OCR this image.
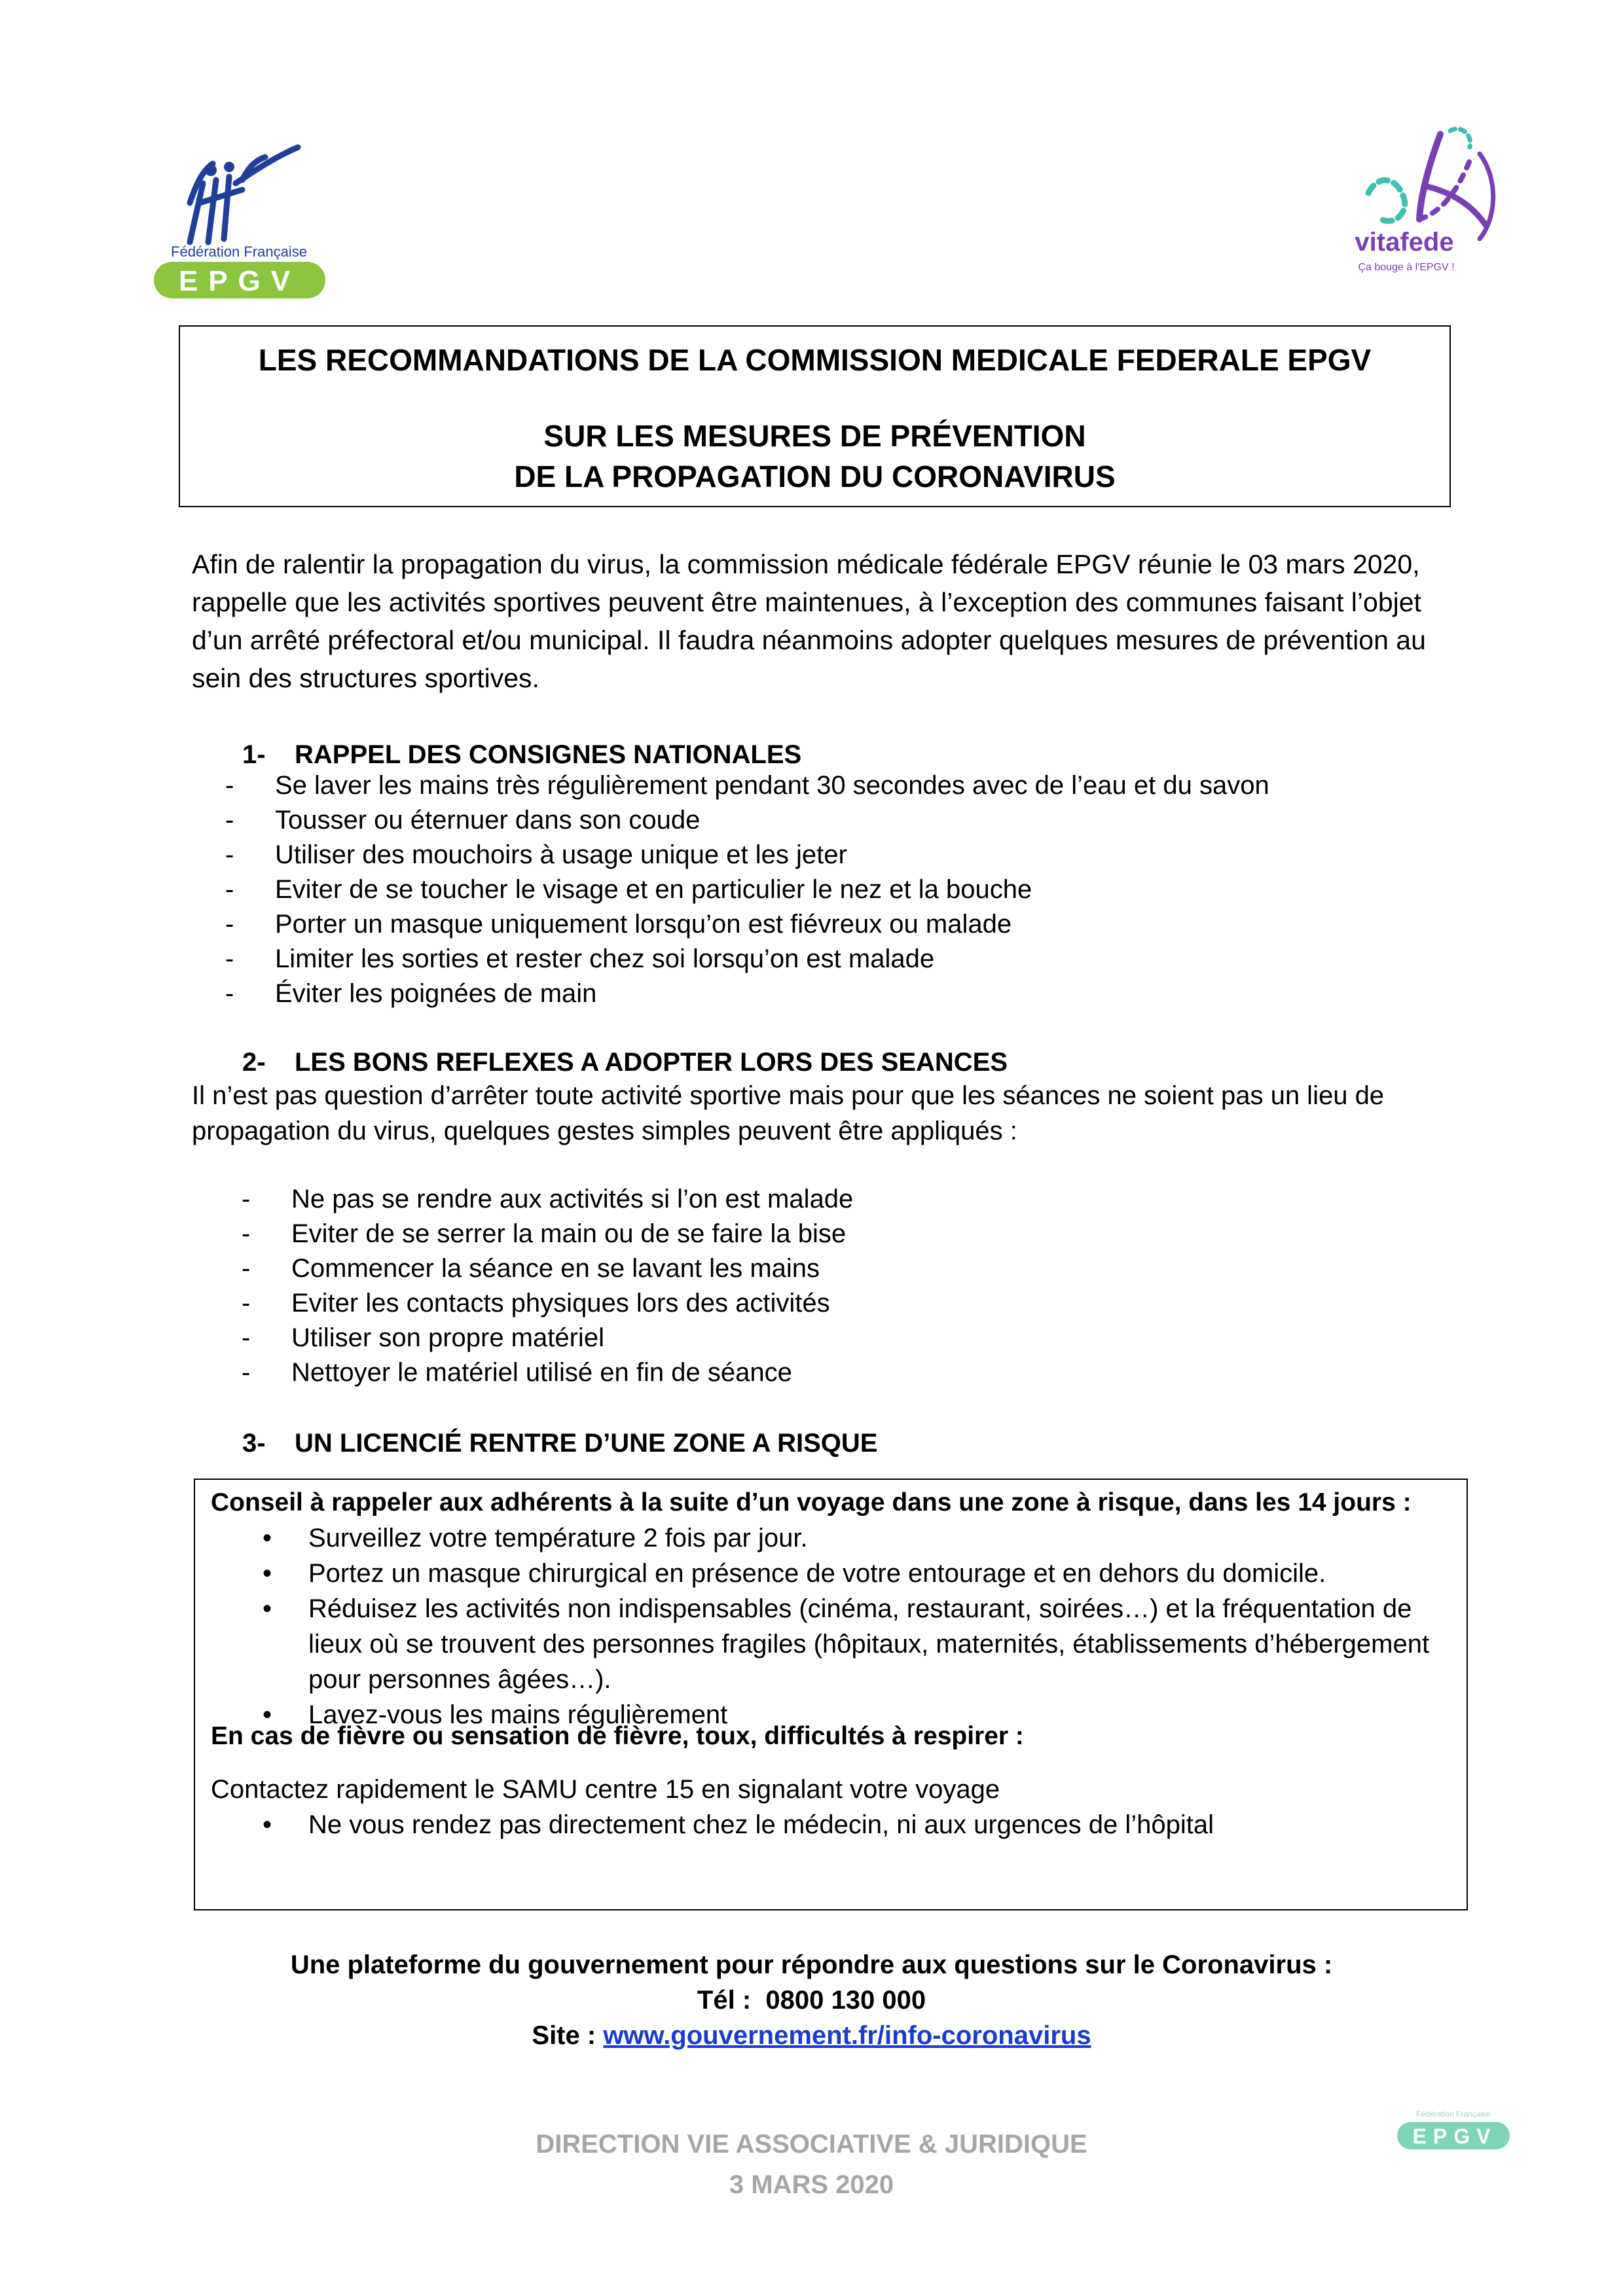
Fédération Française
EPGV
vitafede
Ça bouge à l'EPGV !
LES RECOMMANDATIONS DE LA COMMISSION MEDICALE FEDERALE EPGV
SUR LES MESURES DE PRÉVENTION
DE LA PROPAGATION DU CORONAVIRUS
Afin de ralentir la propagation du virus, la commission médicale fédérale EPGV réunie le 03 mars 2020, rappelle que les activités sportives peuvent être maintenues, à l’exception des communes faisant l’objet d’un arrêté préfectoral et/ou municipal. Il faudra néanmoins adopter quelques mesures de prévention au sein des structures sportives.
1- RAPPEL DES CONSIGNES NATIONALES
- Se laver les mains très régulièrement pendant 30 secondes avec de l’eau et du savon
- Tousser ou éternuer dans son coude
- Utiliser des mouchoirs à usage unique et les jeter
- Eviter de se toucher le visage et en particulier le nez et la bouche
- Porter un masque uniquement lorsqu’on est fiévreux ou malade
- Limiter les sorties et rester chez soi lorsqu’on est malade
- Éviter les poignées de main
2- LES BONS REFLEXES A ADOPTER LORS DES SEANCES
Il n’est pas question d’arrêter toute activité sportive mais pour que les séances ne soient pas un lieu de propagation du virus, quelques gestes simples peuvent être appliqués :
- Ne pas se rendre aux activités si l’on est malade
- Eviter de se serrer la main ou de se faire la bise
- Commencer la séance en se lavant les mains
- Eviter les contacts physiques lors des activités
- Utiliser son propre matériel
- Nettoyer le matériel utilisé en fin de séance
3- UN LICENCIÉ RENTRE D’UNE ZONE A RISQUE
Conseil à rappeler aux adhérents à la suite d’un voyage dans une zone à risque, dans les 14 jours :
• Surveillez votre température 2 fois par jour.
• Portez un masque chirurgical en présence de votre entourage et en dehors du domicile.
• Réduisez les activités non indispensables (cinéma, restaurant, soirées…) et la fréquentation de lieux où se trouvent des personnes fragiles (hôpitaux, maternités, établissements d’hébergement pour personnes âgées…).
• Lavez-vous les mains régulièrement
En cas de fièvre ou sensation de fièvre, toux, difficultés à respirer :
Contactez rapidement le SAMU centre 15 en signalant votre voyage
• Ne vous rendez pas directement chez le médecin, ni aux urgences de l’hôpital
Une plateforme du gouvernement pour répondre aux questions sur le Coronavirus :
Tél : 0800 130 000
Site : www.gouvernement.fr/info-coronavirus
DIRECTION VIE ASSOCIATIVE & JURIDIQUE
3 MARS 2020
Fédération Française
EPGV
